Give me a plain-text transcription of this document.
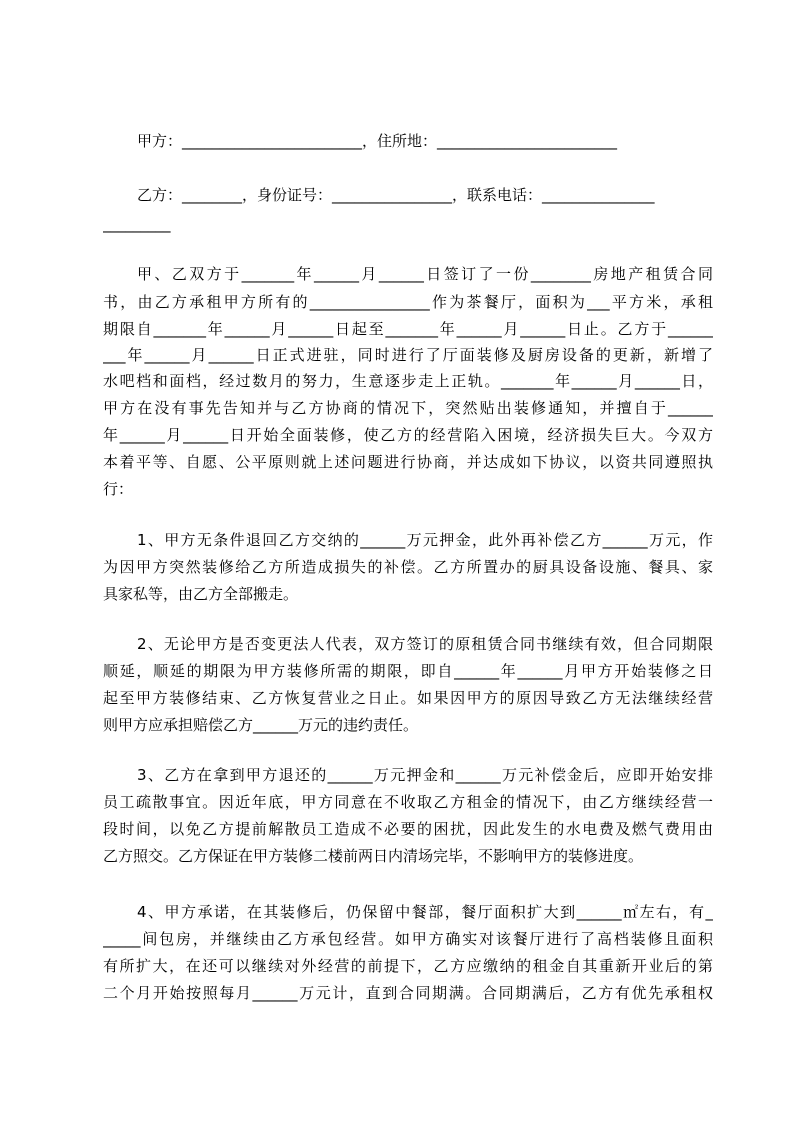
甲方：________________________，住所地：________________________
乙方：________，身份证号：________________，联系电话：_______________
_________
甲、乙双方于_______年______月______日签订了一份________房地产租赁合同
书，由乙方承租甲方所有的________________作为茶餐厅，面积为___平方米，承租
期限自_______年______月______日起至_______年______月______日止。乙方于______
___年______月______日正式进驻，同时进行了厅面装修及厨房设备的更新，新增了
水吧档和面档，经过数月的努力，生意逐步走上正轨。_______年______月______日，
甲方在没有事先告知并与乙方协商的情况下，突然贴出装修通知，并擅自于______
年______月______日开始全面装修，使乙方的经营陷入困境，经济损失巨大。今双方
本着平等、自愿、公平原则就上述问题进行协商，并达成如下协议，以资共同遵照执
行：
1、甲方无条件退回乙方交纳的______万元押金，此外再补偿乙方______万元，作
为因甲方突然装修给乙方所造成损失的补偿。乙方所置办的厨具设备设施、餐具、家
具家私等，由乙方全部搬走。
2、无论甲方是否变更法人代表，双方签订的原租赁合同书继续有效，但合同期限
顺延，顺延的期限为甲方装修所需的期限，即自______年______月甲方开始装修之日
起至甲方装修结束、乙方恢复营业之日止。如果因甲方的原因导致乙方无法继续经营
则甲方应承担赔偿乙方______万元的违约责任。
3、乙方在拿到甲方退还的______万元押金和______万元补偿金后，应即开始安排
员工疏散事宜。因近年底，甲方同意在不收取乙方租金的情况下，由乙方继续经营一
段时间，以免乙方提前解散员工造成不必要的困扰，因此发生的水电费及燃气费用由
乙方照交。乙方保证在甲方装修二楼前两日内清场完毕，不影响甲方的装修进度。
4、甲方承诺，在其装修后，仍保留中餐部，餐厅面积扩大到______㎡左右，有_
_____间包房，并继续由乙方承包经营。如甲方确实对该餐厅进行了高档装修且面积
有所扩大，在还可以继续对外经营的前提下，乙方应缴纳的租金自其重新开业后的第
二个月开始按照每月______万元计，直到合同期满。合同期满后，乙方有优先承租权
